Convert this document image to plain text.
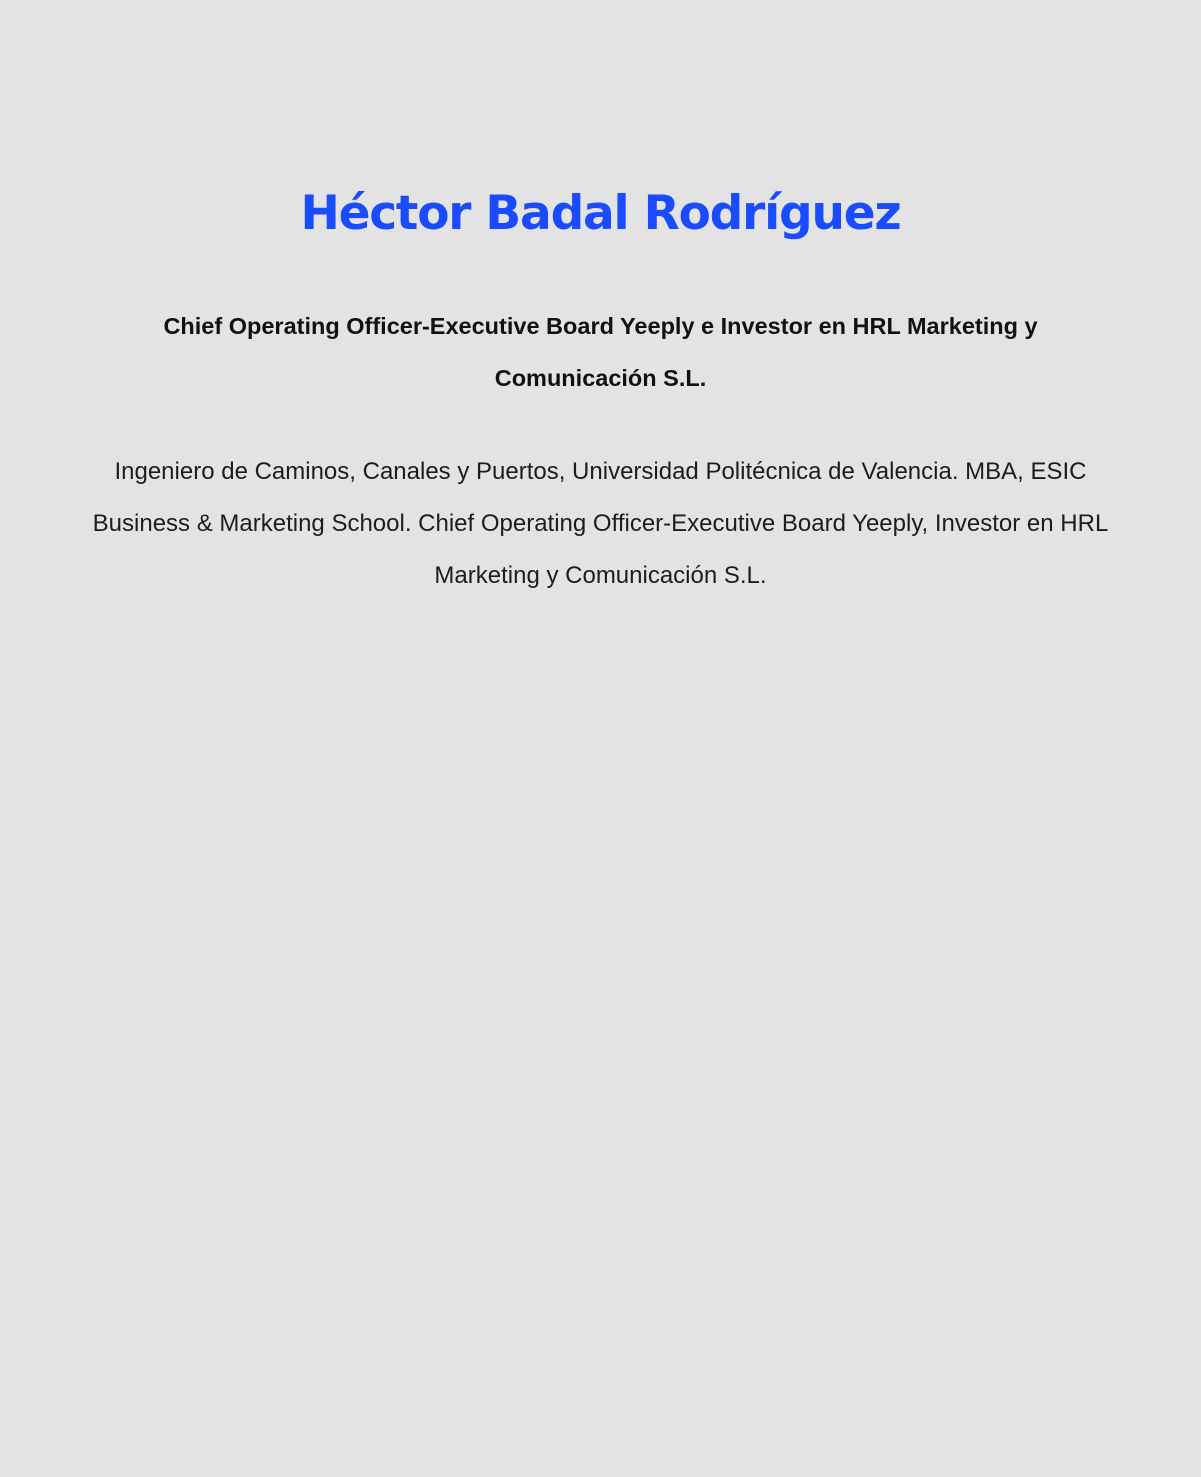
Héctor Badal Rodríguez

Chief Operating Officer-Executive Board Yeeply e Investor en HRL Marketing y Comunicación S.L.

Ingeniero de Caminos, Canales y Puertos, Universidad Politécnica de Valencia. MBA, ESIC Business & Marketing School. Chief Operating Officer-Executive Board Yeeply, Investor en HRL Marketing y Comunicación S.L.
